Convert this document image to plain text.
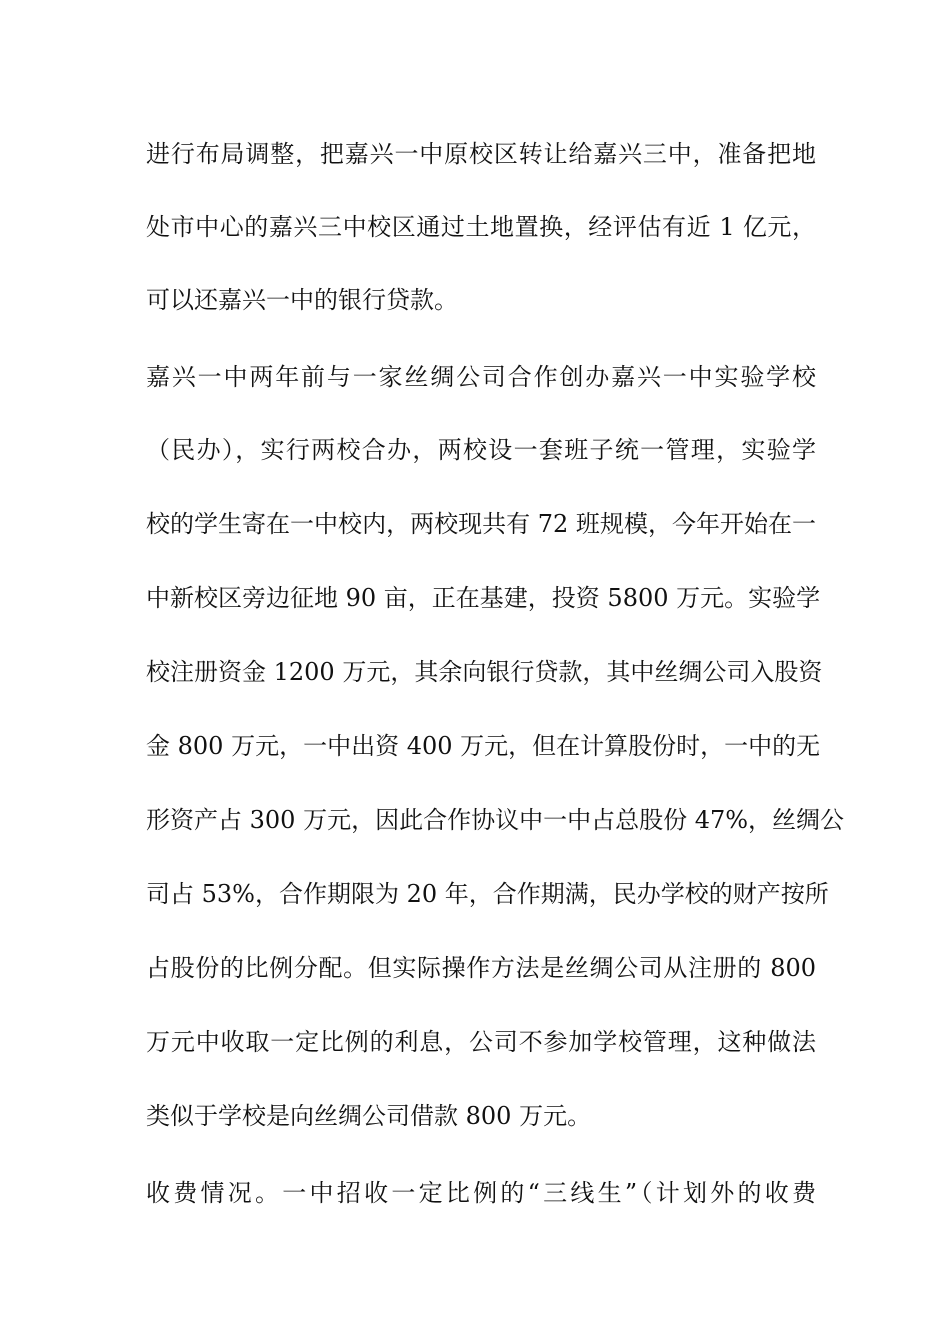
进行布局调整，把嘉兴一中原校区转让给嘉兴三中，准备把地
处市中心的嘉兴三中校区通过土地置换，经评估有近 1 亿元，
可以还嘉兴一中的银行贷款。
嘉兴一中两年前与一家丝绸公司合作创办嘉兴一中实验学校
（民办），实行两校合办，两校设一套班子统一管理，实验学
校的学生寄在一中校内，两校现共有 72 班规模，今年开始在一
中新校区旁边征地 90 亩，正在基建，投资 5800 万元。实验学
校注册资金 1200 万元，其余向银行贷款，其中丝绸公司入股资
金 800 万元，一中出资 400 万元，但在计算股份时，一中的无
形资产占 300 万元，因此合作协议中一中占总股份 47%，丝绸公
司占 53%，合作期限为 20 年，合作期满，民办学校的财产按所
占股份的比例分配。但实际操作方法是丝绸公司从注册的 800
万元中收取一定比例的利息，公司不参加学校管理，这种做法
类似于学校是向丝绸公司借款 800 万元。
收费情况。一中招收一定比例的“三线生”（计划外的收费
